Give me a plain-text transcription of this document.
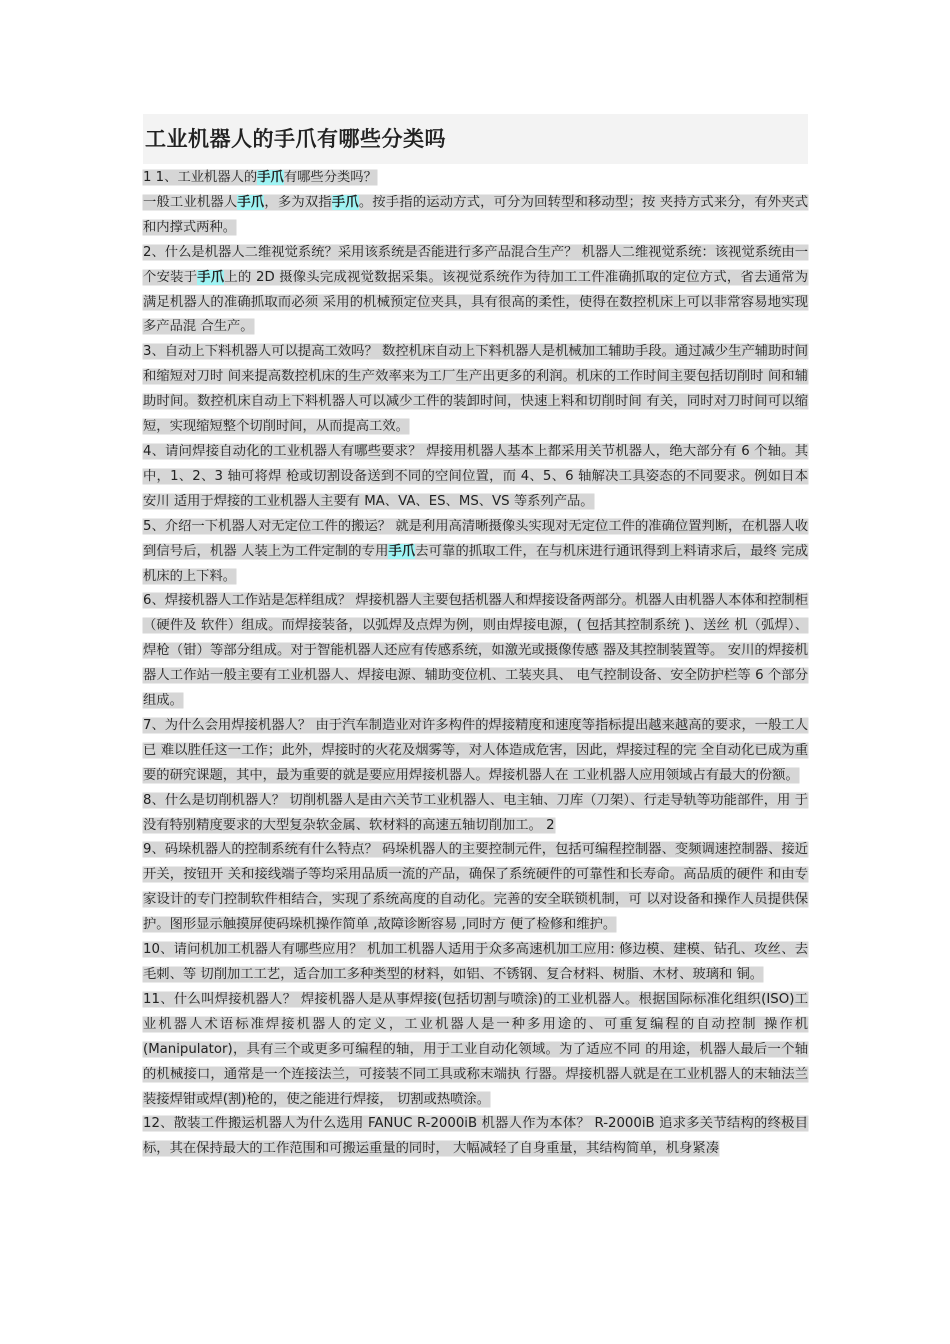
工业机器人的手爪有哪些分类吗

1 1、工业机器人的手爪有哪些分类吗？

一般工业机器人手爪，多为双指手爪。按手指的运动方式，可分为回转型和移动型；按 夹持方式来分，有外夹式和内撑式两种。

2、什么是机器人二维视觉系统？采用该系统是否能进行多产品混合生产？ 机器人二维视觉系统：该视觉系统由一个安装于手爪上的 2D 摄像头完成视觉数据采集。该视觉系统作为待加工工件准确抓取的定位方式，省去通常为满足机器人的准确抓取而必须 采用的机械预定位夹具，具有很高的柔性，使得在数控机床上可以非常容易地实现多产品混 合生产。

3、自动上下料机器人可以提高工效吗？ 数控机床自动上下料机器人是机械加工辅助手段。通过减少生产辅助时间和缩短对刀时 间来提高数控机床的生产效率来为工厂生产出更多的利润。机床的工作时间主要包括切削时 间和辅助时间。数控机床自动上下料机器人可以减少工件的装卸时间，快速上料和切削时间 有关，同时对刀时间可以缩短，实现缩短整个切削时间，从而提高工效。

4、请问焊接自动化的工业机器人有哪些要求？ 焊接用机器人基本上都采用关节机器人，绝大部分有 6 个轴。其中，1、2、3 轴可将焊 枪或切割设备送到不同的空间位置，而 4、5、6 轴解决工具姿态的不同要求。例如日本安川 适用于焊接的工业机器人主要有 MA、VA、ES、MS、VS 等系列产品。

5、介绍一下机器人对无定位工件的搬运？ 就是利用高清晰摄像头实现对无定位工件的准确位置判断，在机器人收到信号后，机器 人装上为工件定制的专用手爪去可靠的抓取工件，在与机床进行通讯得到上料请求后，最终 完成机床的上下料。

6、焊接机器人工作站是怎样组成？ 焊接机器人主要包括机器人和焊接设备两部分。机器人由机器人本体和控制柜（硬件及 软件）组成。而焊接装备，以弧焊及点焊为例，则由焊接电源，( 包括其控制系统 )、送丝 机（弧焊）、焊枪（钳）等部分组成。对于智能机器人还应有传感系统，如激光或摄像传感 器及其控制装置等。 安川的焊接机器人工作站一般主要有工业机器人、焊接电源、辅助变位机、工装夹具、 电气控制设备、安全防护栏等 6 个部分组成。

7、为什么会用焊接机器人？ 由于汽车制造业对许多构件的焊接精度和速度等指标提出越来越高的要求，一般工人已 难以胜任这一工作；此外，焊接时的火花及烟雾等，对人体造成危害，因此，焊接过程的完 全自动化已成为重要的研究课题，其中，最为重要的就是要应用焊接机器人。焊接机器人在 工业机器人应用领域占有最大的份额。

8、什么是切削机器人？ 切削机器人是由六关节工业机器人、电主轴、刀库（刀架）、行走导轨等功能部件，用 于没有特别精度要求的大型复杂软金属、软材料的高速五轴切削加工。 2

9、码垛机器人的控制系统有什么特点？ 码垛机器人的主要控制元件，包括可编程控制器、变频调速控制器、接近开关，按钮开 关和接线端子等均采用品质一流的产品，确保了系统硬件的可靠性和长寿命。高品质的硬件 和由专家设计的专门控制软件相结合，实现了系统高度的自动化。完善的安全联锁机制，可 以对设备和操作人员提供保护。图形显示触摸屏使码垛机操作简单 ,故障诊断容易 ,同时方 便了检修和维护。

10、请问机加工机器人有哪些应用？ 机加工机器人适用于众多高速机加工应用: 修边模、建模、钻孔、攻丝、去毛刺、等 切削加工工艺，适合加工多种类型的材料，如铝、不锈钢、复合材料、树脂、木材、玻璃和 铜。

11、什么叫焊接机器人？ 焊接机器人是从事焊接(包括切割与喷涂)的工业机器人。根据国际标准化组织(ISO)工 业机器人术语标准焊接机器人的定义，工业机器人是一种多用途的、可重复编程的自动控制 操作机(Manipulator)，具有三个或更多可编程的轴，用于工业自动化领域。为了适应不同 的用途，机器人最后一个轴的机械接口，通常是一个连接法兰，可接装不同工具或称末端执 行器。焊接机器人就是在工业机器人的末轴法兰装接焊钳或焊(割)枪的，使之能进行焊接， 切割或热喷涂。

12、散装工件搬运机器人为什么选用 FANUC R-2000iB 机器人作为本体？ R-2000iB 追求多关节结构的终极目标，其在保持最大的工作范围和可搬运重量的同时， 大幅减轻了自身重量，其结构简单，机身紧凑
